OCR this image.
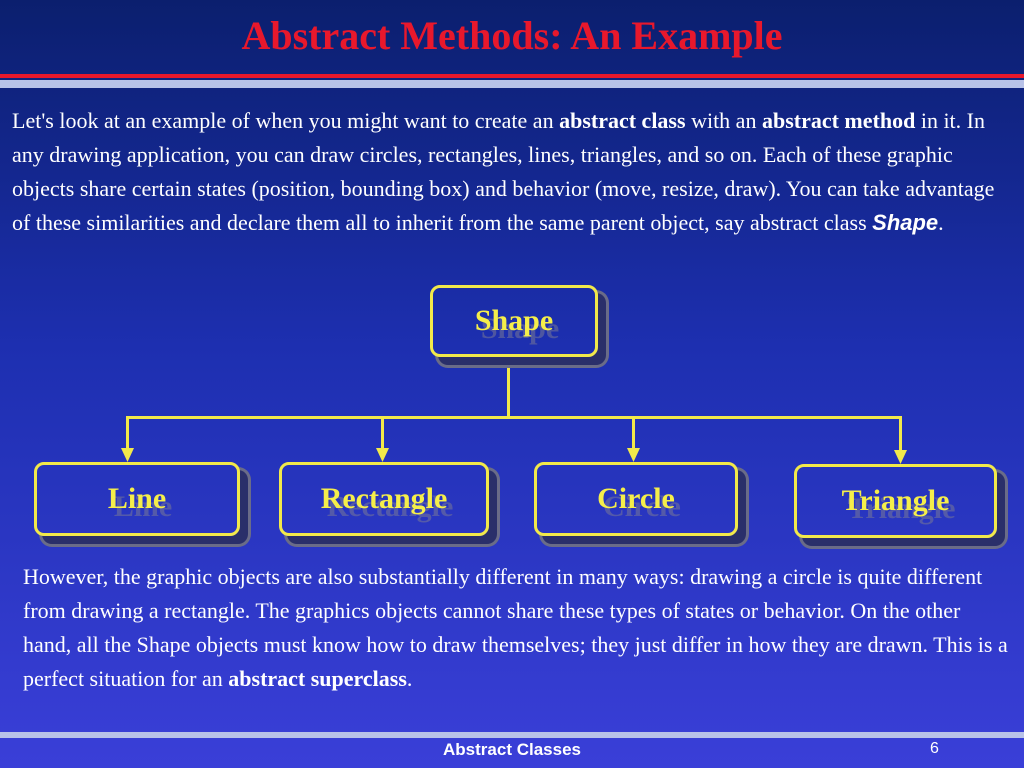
Abstract Methods: An Example
Let's look at an example of when you might want to create an abstract class with an abstract method in it. In any drawing application, you can draw circles, rectangles, lines, triangles, and so on. Each of these graphic objects share certain states (position, bounding box) and behavior (move, resize, draw). You can take advantage of these similarities and declare them all to inherit from the same parent object, say abstract class Shape.
Shape Shape
Line Line	Rectangle Rectangle	Circle Circle	Triangle Triangle
However, the graphic objects are also substantially different in many ways: drawing a circle is quite different from drawing a rectangle. The graphics objects cannot share these types of states or behavior. On the other hand, all the Shape objects must know how to draw themselves; they just differ in how they are drawn. This is a perfect situation for an abstract superclass.
Abstract Classes	6
